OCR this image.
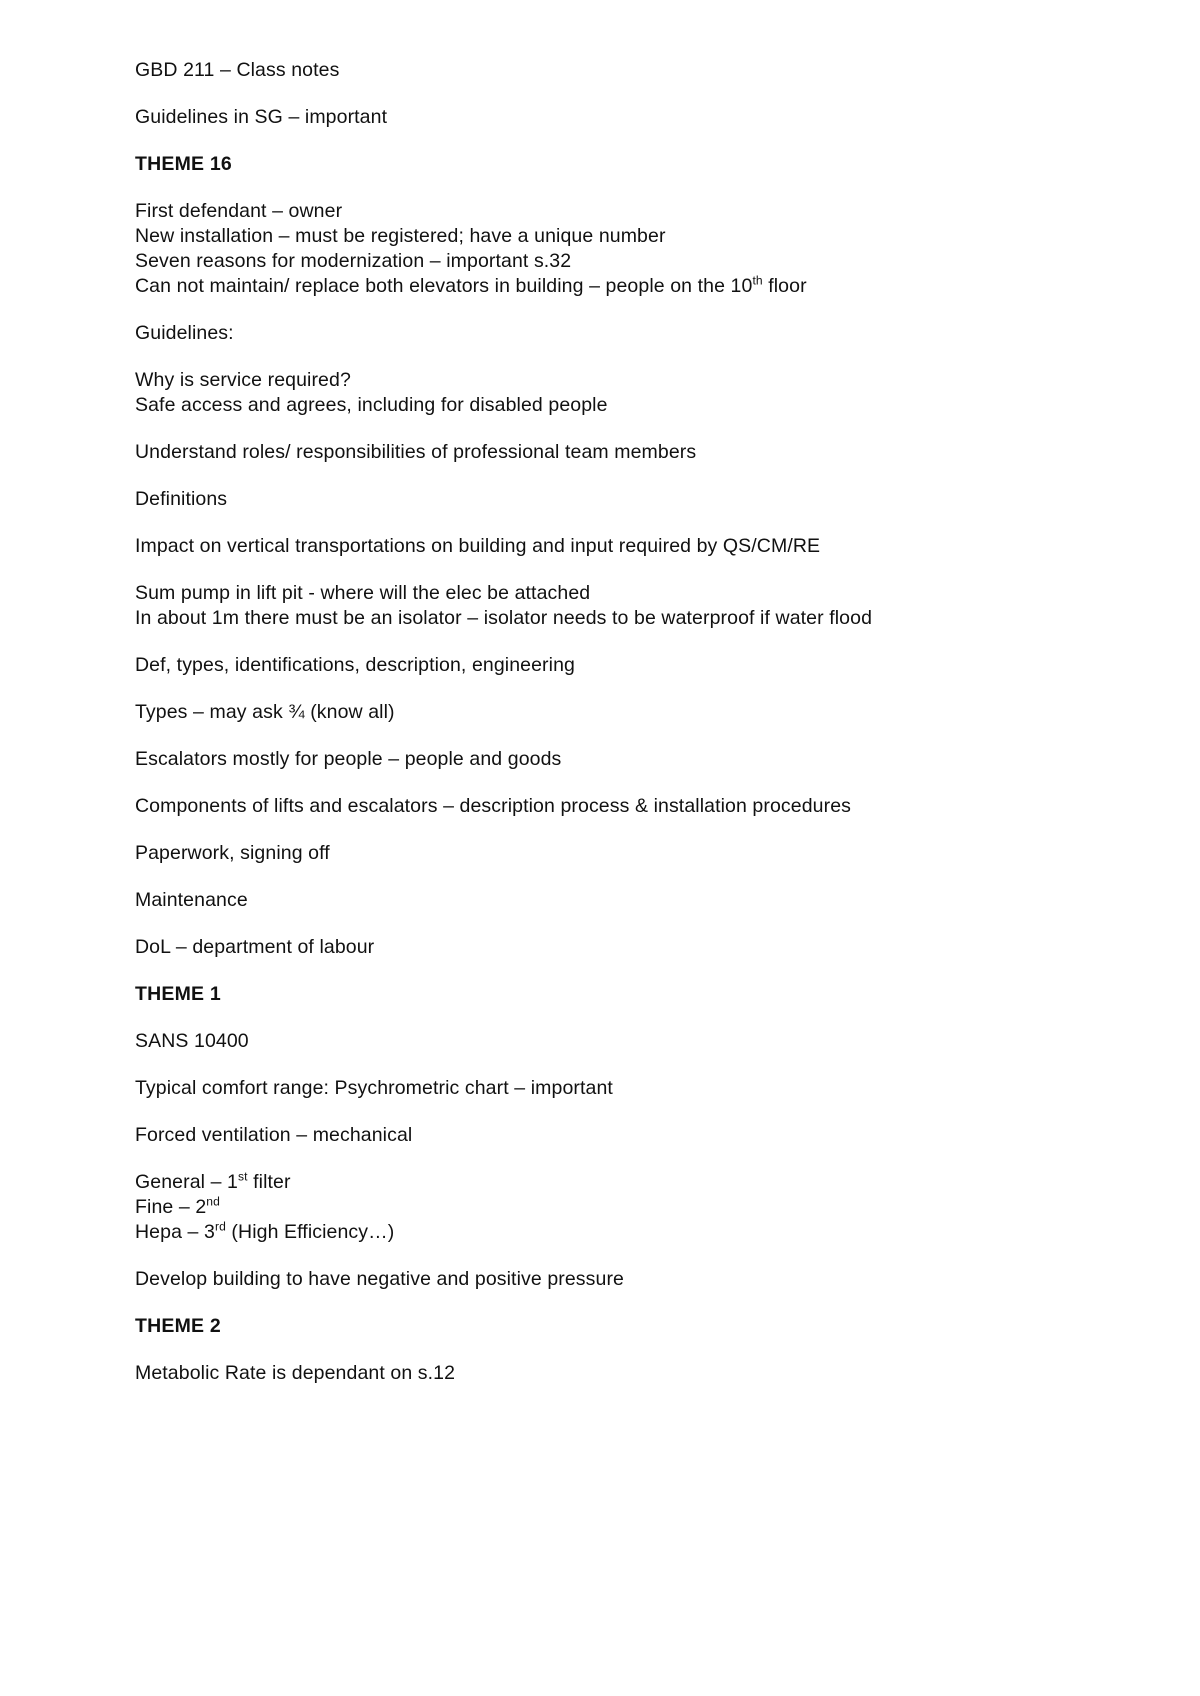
GBD 211 – Class notes
Guidelines in SG – important
THEME 16
First defendant – owner
New installation – must be registered; have a unique number
Seven reasons for modernization – important s.32
Can not maintain/ replace both elevators in building – people on the 10th floor
Guidelines:
Why is service required?
Safe access and agrees, including for disabled people
Understand roles/ responsibilities of professional team members
Definitions
Impact on vertical transportations on building and input required by QS/CM/RE
Sum pump in lift pit - where will the elec be attached
In about 1m there must be an isolator – isolator needs to be waterproof if water flood
Def, types, identifications, description, engineering
Types – may ask ¾ (know all)
Escalators mostly for people – people and goods
Components of lifts and escalators – description process & installation procedures
Paperwork, signing off
Maintenance
DoL – department of labour
THEME 1
SANS 10400
Typical comfort range: Psychrometric chart – important
Forced ventilation – mechanical
General – 1st filter
Fine – 2nd
Hepa – 3rd (High Efficiency…)
Develop building to have negative and positive pressure
THEME 2
Metabolic Rate is dependant on s.12
